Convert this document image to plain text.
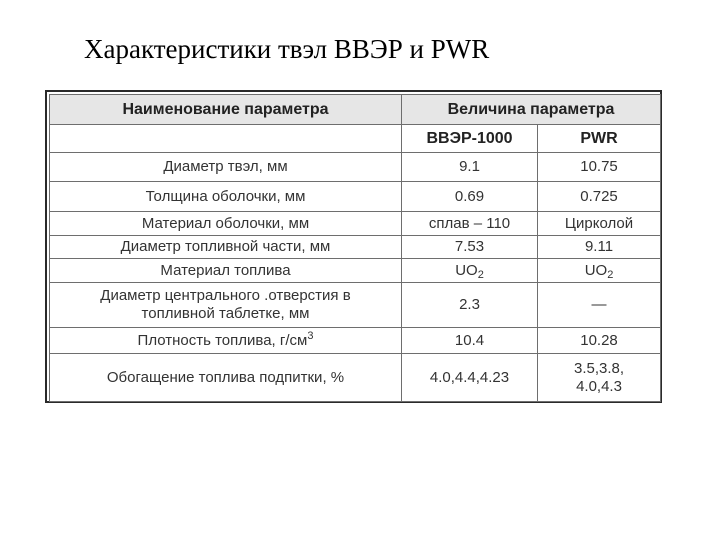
Характеристики твэл ВВЭР и PWR
Наименование параметра	Величина параметра	
	ВВЭР-1000	PWR
Диаметр твэл, мм	9.1	10.75
Толщина оболочки, мм	0.69	0.725
Материал оболочки, мм	сплав – 110	Цирколой
Диаметр топливной части, мм	7.53	9.11
Материал топлива	$UO_2$	$UO_2$

Диаметр центрального .отверстия в
топливной таблетке, мм	2.3	—
Плотность топлива, $г/см^3$	10.4	10.28
Обогащение топлива подпитки, %	4.0,4.4,4.23	3.5,3.8,
4.0,4.3
